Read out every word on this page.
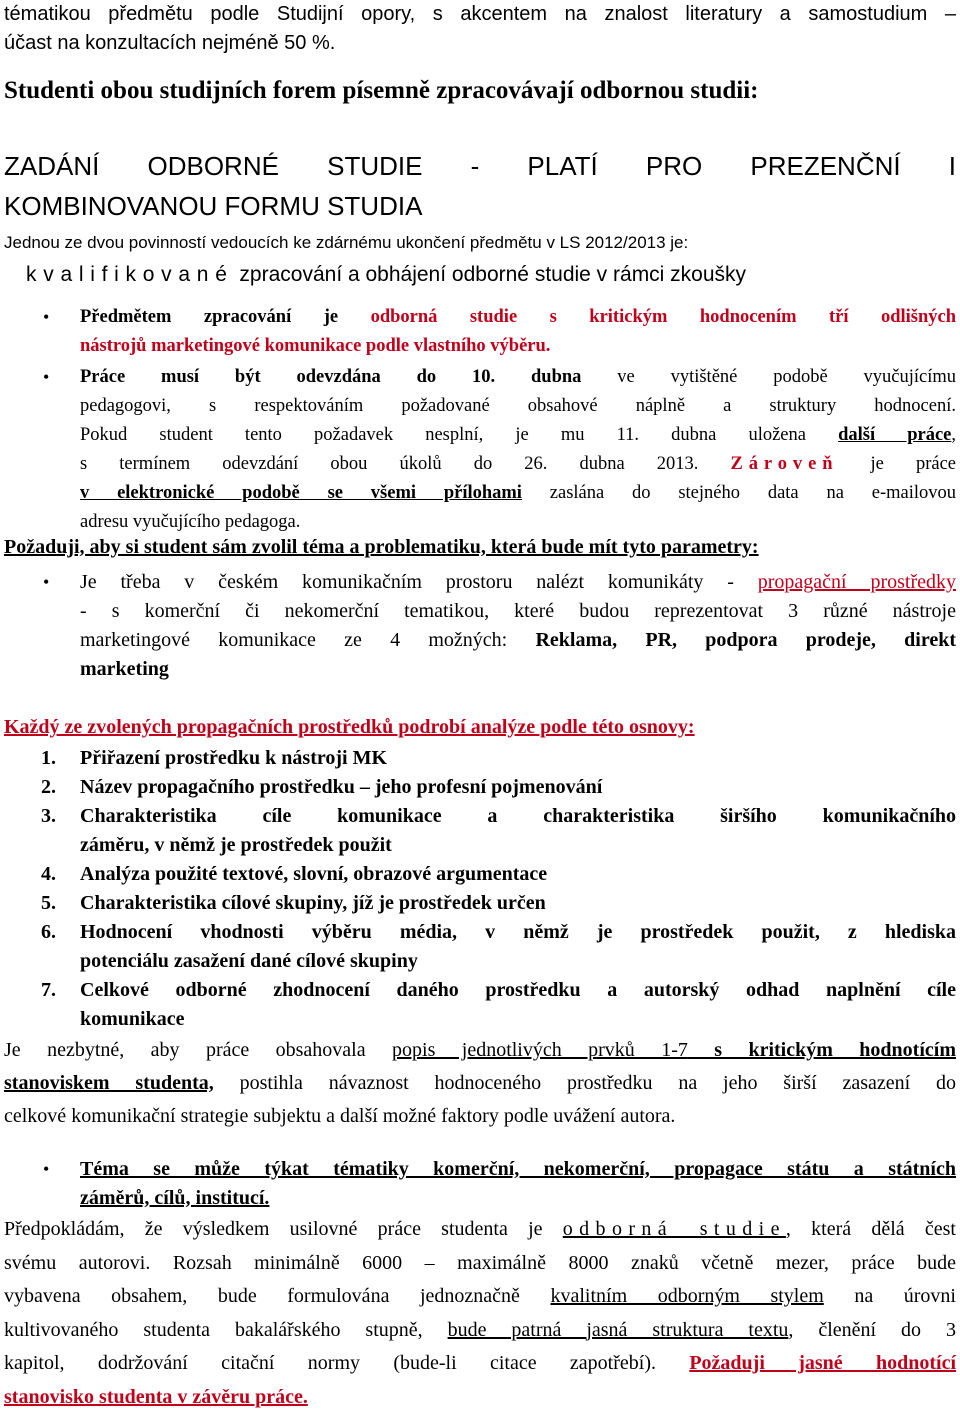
tématikou předmětu podle Studijní opory, s akcentem na znalost literatury a samostudium –
účast na konzultacích nejméně 50 %.
Studenti obou studijních forem písemně zpracovávají odbornou studii:
ZADÁNÍ ODBORNÉ STUDIE - PLATÍ PRO PREZENČNÍ I
KOMBINOVANOU FORMU STUDIA

Jednou ze dvou povinností vedoucích ke zdárnému ukončení předmětu v LS 2012/2013 je:

kvalifikované zpracování a obhájení odborné studie v rámci zkoušky

• Předmětem zpracování je odborná studie s kritickým hodnocením tří odlišných
nástrojů marketingové komunikace podle vlastního výběru.
• Práce musí být odevzdána do 10. dubna ve vytištěné podobě vyučujícímu
pedagogovi, s respektováním požadované obsahové náplně a struktury hodnocení.
Pokud student tento požadavek nesplní, je mu 11. dubna uložena další práce,
s termínem odevzdání obou úkolů do 26. dubna 2013. Zároveň je práce
v elektronické podobě se všemi přílohami zaslána do stejného data na e-mailovou
adresu vyučujícího pedagoga.
Požaduji, aby si student sám zvolil téma a problematiku, která bude mít tyto parametry:
• Je třeba v českém komunikačním prostoru nalézt komunikáty - propagační prostředky
- s komerční či nekomerční tematikou, které budou reprezentovat 3 různé nástroje
marketingové komunikace ze 4 možných: Reklama, PR, podpora prodeje, direkt
marketing
Každý ze zvolených propagačních prostředků podrobí analýze podle této osnovy:
1. Přiřazení prostředku k nástroji MK
2. Název propagačního prostředku – jeho profesní pojmenování
3. Charakteristika cíle komunikace a charakteristika širšího komunikačního
záměru, v němž je prostředek použit
4. Analýza použité textové, slovní, obrazové argumentace
5. Charakteristika cílové skupiny, jíž je prostředek určen
6. Hodnocení vhodnosti výběru média, v němž je prostředek použit, z hlediska
potenciálu zasažení dané cílové skupiny
7. Celkové odborné zhodnocení daného prostředku a autorský odhad naplnění cíle
komunikace
Je nezbytné, aby práce obsahovala popis jednotlivých prvků 1-7 s kritickým hodnotícím
stanoviskem studenta, postihla návaznost hodnoceného prostředku na jeho širší zasazení do
celkové komunikační strategie subjektu a další možné faktory podle uvážení autora.
• Téma se může týkat tématiky komerční, nekomerční, propagace státu a státních
záměrů, cílů, institucí.
Předpokládám, že výsledkem usilovné práce studenta je odborná studie, která dělá čest
svému autorovi. Rozsah minimálně 6000 – maximálně 8000 znaků včetně mezer, práce bude
vybavena obsahem, bude formulována jednoznačně kvalitním odborným stylem na úrovni
kultivovaného studenta bakalářského stupně, bude patrná jasná struktura textu, členění do 3
kapitol, dodržování citační normy (bude-li citace zapotřebí). Požaduji jasné hodnotící
stanovisko studenta v závěru práce.
